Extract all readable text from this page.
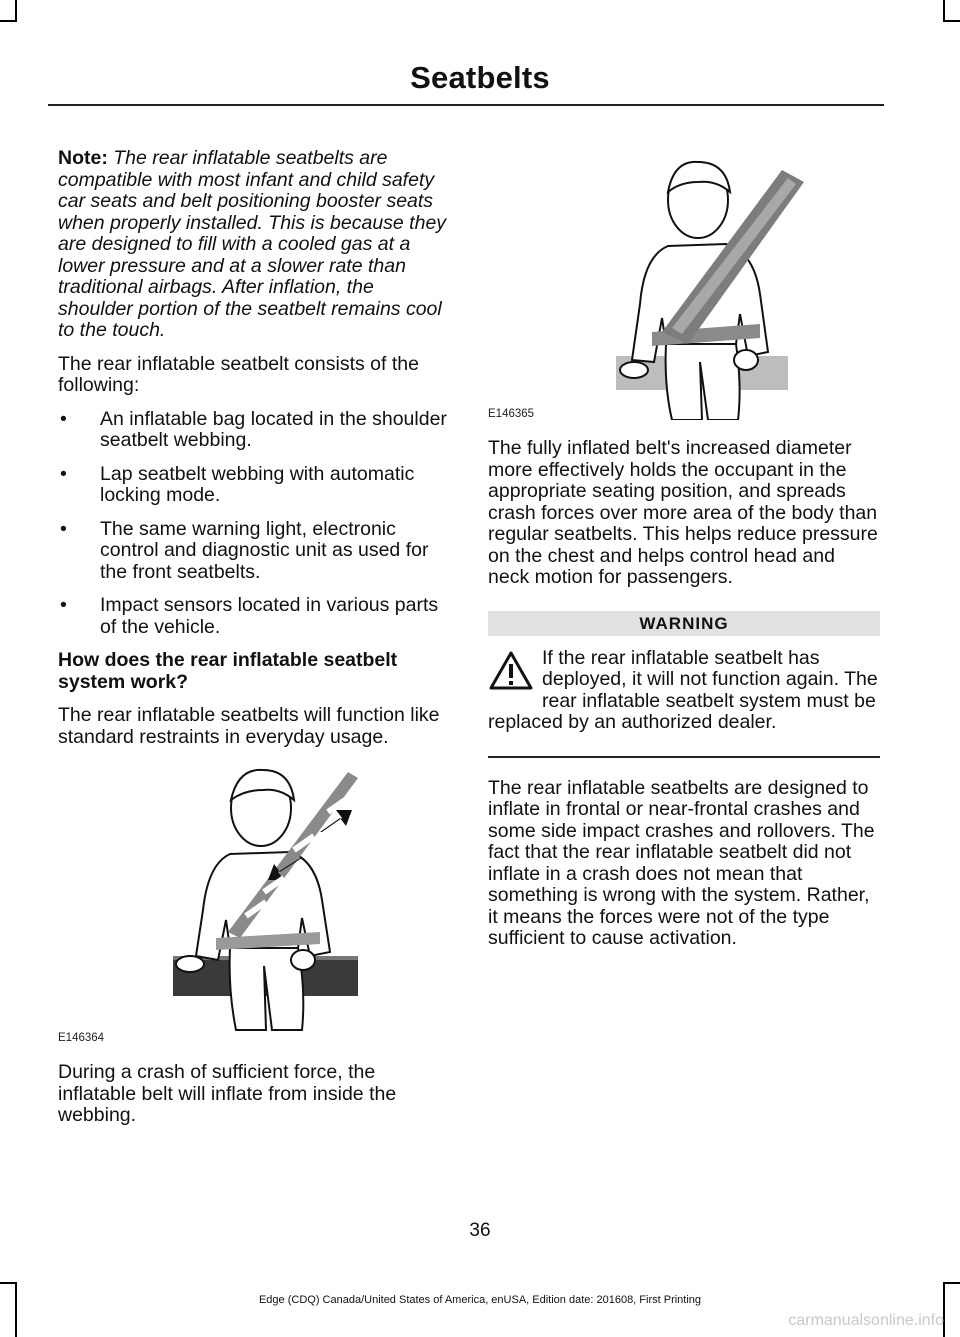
Seatbelts

Note: The rear inflatable seatbelts are compatible with most infant and child safety car seats and belt positioning booster seats when properly installed. This is because they are designed to fill with a cooled gas at a lower pressure and at a slower rate than traditional airbags. After inflation, the shoulder portion of the seatbelt remains cool to the touch.

The rear inflatable seatbelt consists of the following:

• An inflatable bag located in the shoulder seatbelt webbing.
• Lap seatbelt webbing with automatic locking mode.
• The same warning light, electronic control and diagnostic unit as used for the front seatbelts.
• Impact sensors located in various parts of the vehicle.
How does the rear inflatable seatbelt system work?

The rear inflatable seatbelts will function like standard restraints in everyday usage.

E146364

During a crash of sufficient force, the inflatable belt will inflate from inside the webbing.

E146365

The fully inflated belt's increased diameter more effectively holds the occupant in the appropriate seating position, and spreads crash forces over more area of the body than regular seatbelts. This helps reduce pressure on the chest and helps control head and neck motion for passengers.

WARNING
If the rear inflatable seatbelt has deployed, it will not function again. The rear inflatable seatbelt system must be replaced by an authorized dealer.

The rear inflatable seatbelts are designed to inflate in frontal or near-frontal crashes and some side impact crashes and rollovers. The fact that the rear inflatable seatbelt did not inflate in a crash does not mean that something is wrong with the system. Rather, it means the forces were not of the type sufficient to cause activation.

36
Edge (CDQ) Canada/United States of America, enUSA, Edition date: 201608, First Printing
carmanualsonline.info
